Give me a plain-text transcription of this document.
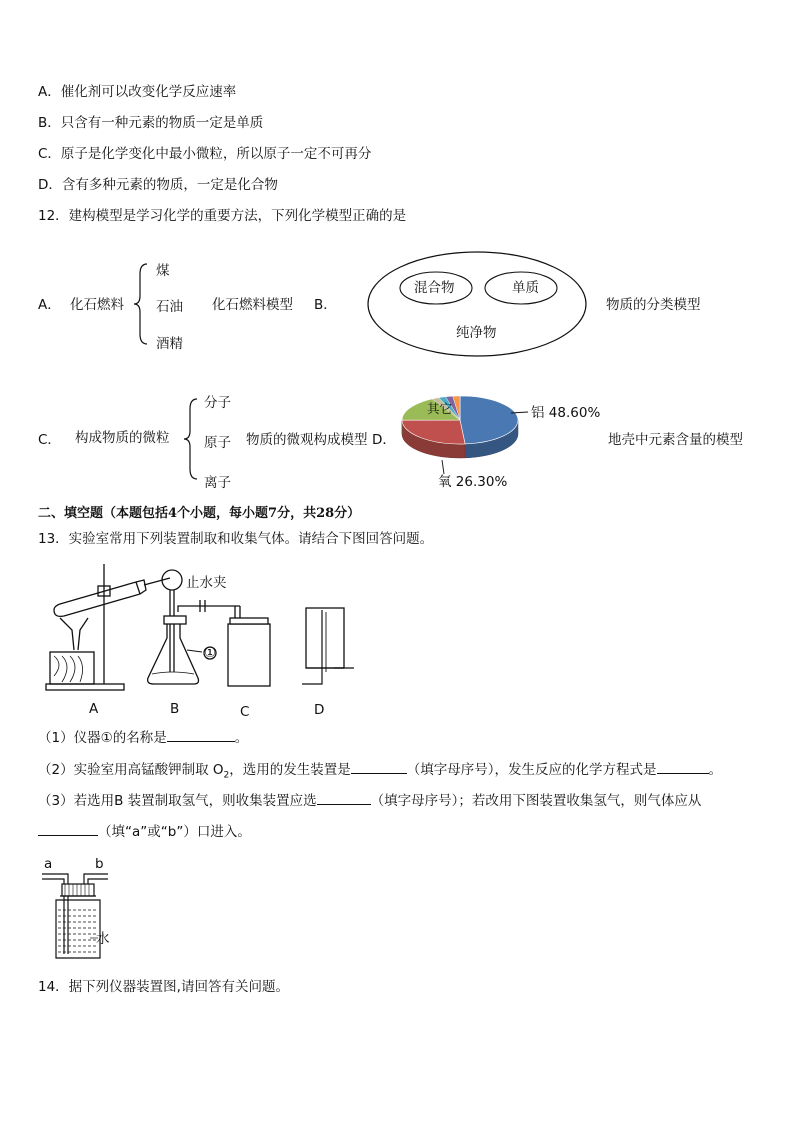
A．催化剂可以改变化学反应速率
B．只含有一种元素的物质一定是单质
C．原子是化学变化中最小微粒，所以原子一定不可再分
D．含有多种元素的物质，一定是化合物
12．建构模型是学习化学的重要方法，下列化学模型正确的是
A． 化石燃料
煤
石油
酒精
化石燃料模型 B．
混合物	单质
纯净物
物质的分类模型
C． 构成物质的微粒
分子
原子
离子
物质的微观构成模型 D．
铝 48.60%
其它
氧 26.30%
地壳中元素含量的模型
二、填空题（本题包括4个小题，每小题7分，共28分）
13．实验室常用下列装置制取和收集气体。请结合下图回答问题。
止水夹
①
A	B	C	D
（1）仪器①的名称是	。
（2）实验室用高锰酸钾制取 $O_2$，选用的发生装置是	（填字母序号），发生反应的化学方程式是	。
（3）若选用B 装置制取氢气，则收集装置应选	（填字母序号）；若改用下图装置收集氢气，则气体应从
（填“a”或“b”）口进入。
a	b
水
14．据下列仪器装置图,请回答有关问题。
